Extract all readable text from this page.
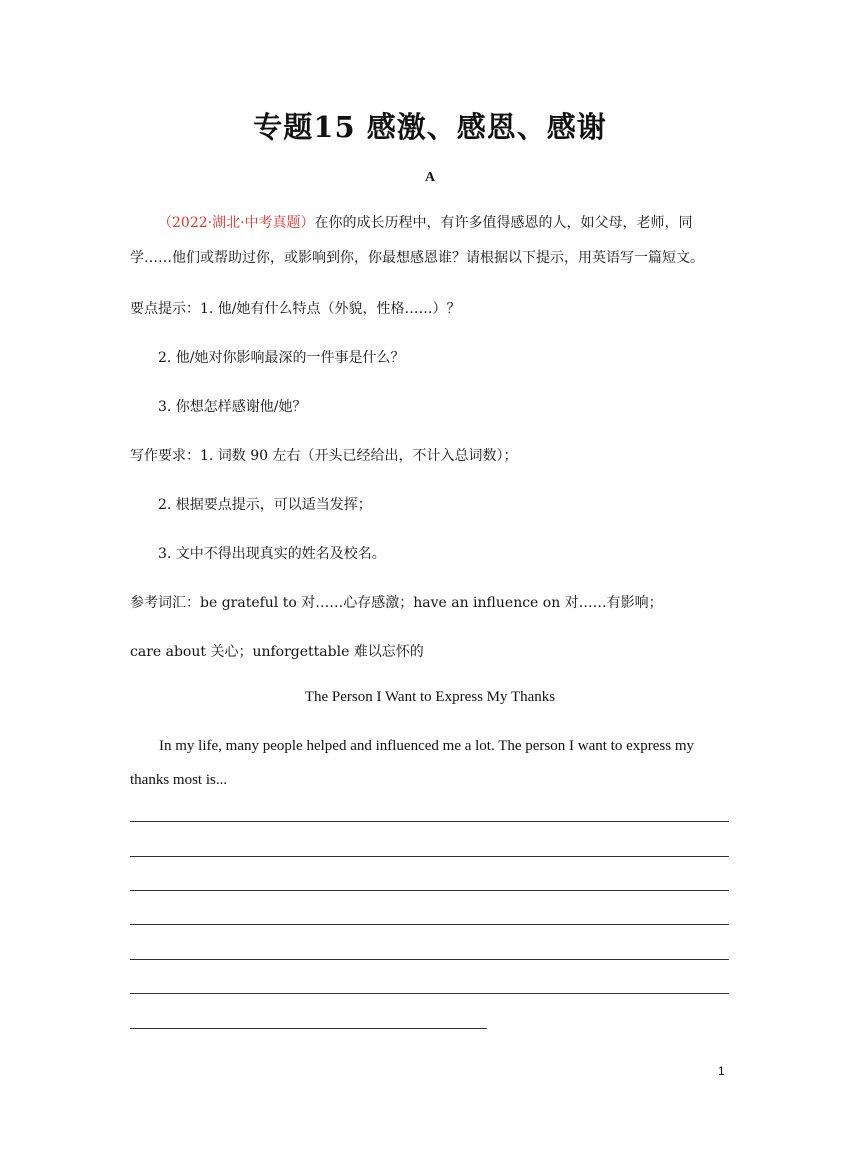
专题15 感激、感恩、感谢
A
（2022·湖北·中考真题）在你的成长历程中，有许多值得感恩的人，如父母，老师，同
学……他们或帮助过你，或影响到你，你最想感恩谁？请根据以下提示，用英语写一篇短文。
要点提示：1. 他/她有什么特点（外貌，性格……）？
2. 他/她对你影响最深的一件事是什么？
3. 你想怎样感谢他/她？
写作要求：1. 词数 90 左右（开头已经给出，不计入总词数）；
2. 根据要点提示，可以适当发挥；
3. 文中不得出现真实的姓名及校名。
参考词汇：be grateful to 对……心存感激；have an influence on 对……有影响；
care about 关心；unforgettable 难以忘怀的
The Person I Want to Express My Thanks
In my life, many people helped and influenced me a lot. The person I want to express my
thanks most is...
1
